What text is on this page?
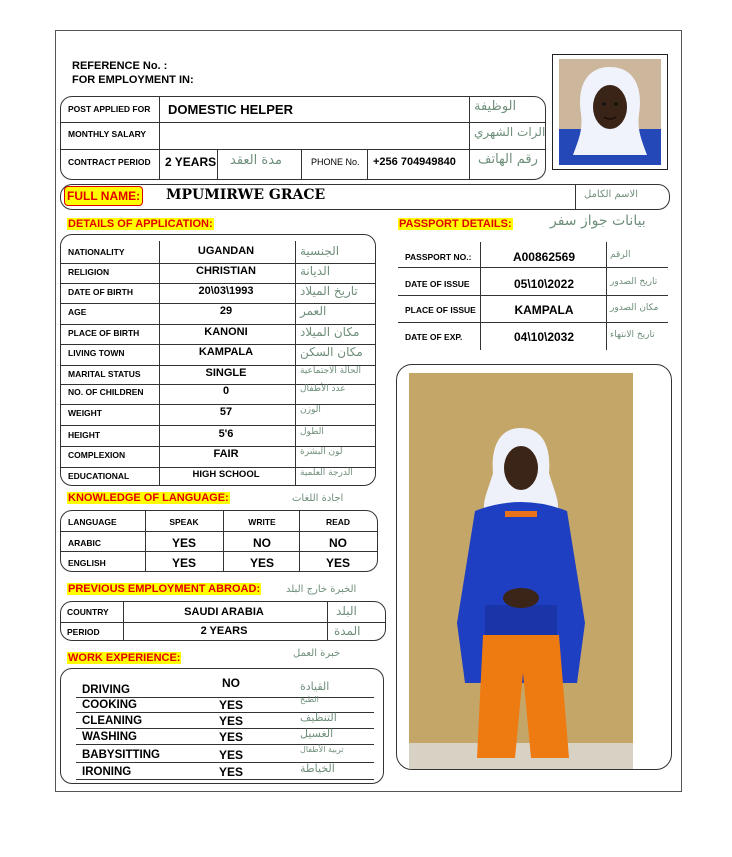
REFERENCE No. :
FOR EMPLOYMENT IN:
POST APPLIED FOR DOMESTIC HELPER	الوظيفة
MONTHLY SALARY	الرات الشهري
CONTRACT PERIOD 2 YEARS مدة العقد	PHONE No. +256 704949840 رقم الهاتف
FULL NAME: MPUMIRWE GRACE	الاسم الكامل
DETAILS OF APPLICATION:
NATIONALITY	UGANDAN	الجنسية
RELIGION	CHRISTIAN	الديانة
DATE OF BIRTH	20\03\1993	تاريخ الميلاد
AGE	29	العمر
PLACE OF BIRTH	KANONI	مكان الميلاد
LIVING TOWN	KAMPALA	مكان السكن
MARITAL STATUS	SINGLE	الحالة الاجتماعية
NO. OF CHILDREN	0	عدد الأطفال
WEIGHT	57	الوزن
HEIGHT	5'6	الطول
COMPLEXION	FAIR	لون البشرة
EDUCATIONAL	HIGH SCHOOL	الدرجة العلمية
PASSPORT DETAILS:	بيانات جواز سفر
PASSPORT NO.:	A00862569	الرقم
DATE OF ISSUE	05\10\2022	تاريخ الصدور
PLACE OF ISSUE	KAMPALA	مكان الصدور
DATE OF EXP.	04\10\2032	تاريخ الانتهاء
KNOWLEDGE OF LANGUAGE:	اجادة اللغات
LANGUAGE	SPEAK	WRITE	READ
ARABIC	YES	NO	NO
ENGLISH	YES	YES	YES
PREVIOUS EMPLOYMENT ABROAD:	الخبرة خارج البلد
COUNTRY	SAUDI ARABIA	البلد
PERIOD	2 YEARS	المدة
WORK EXPERIENCE:	خبرة العمل
DRIVING	NO	القيادة
COOKING	YES	الطبخ
CLEANING	YES	التنظيف
WASHING	YES	الغسيل
BABYSITTING	YES	تربية الأطفال
IRONING	YES	الخياطة
